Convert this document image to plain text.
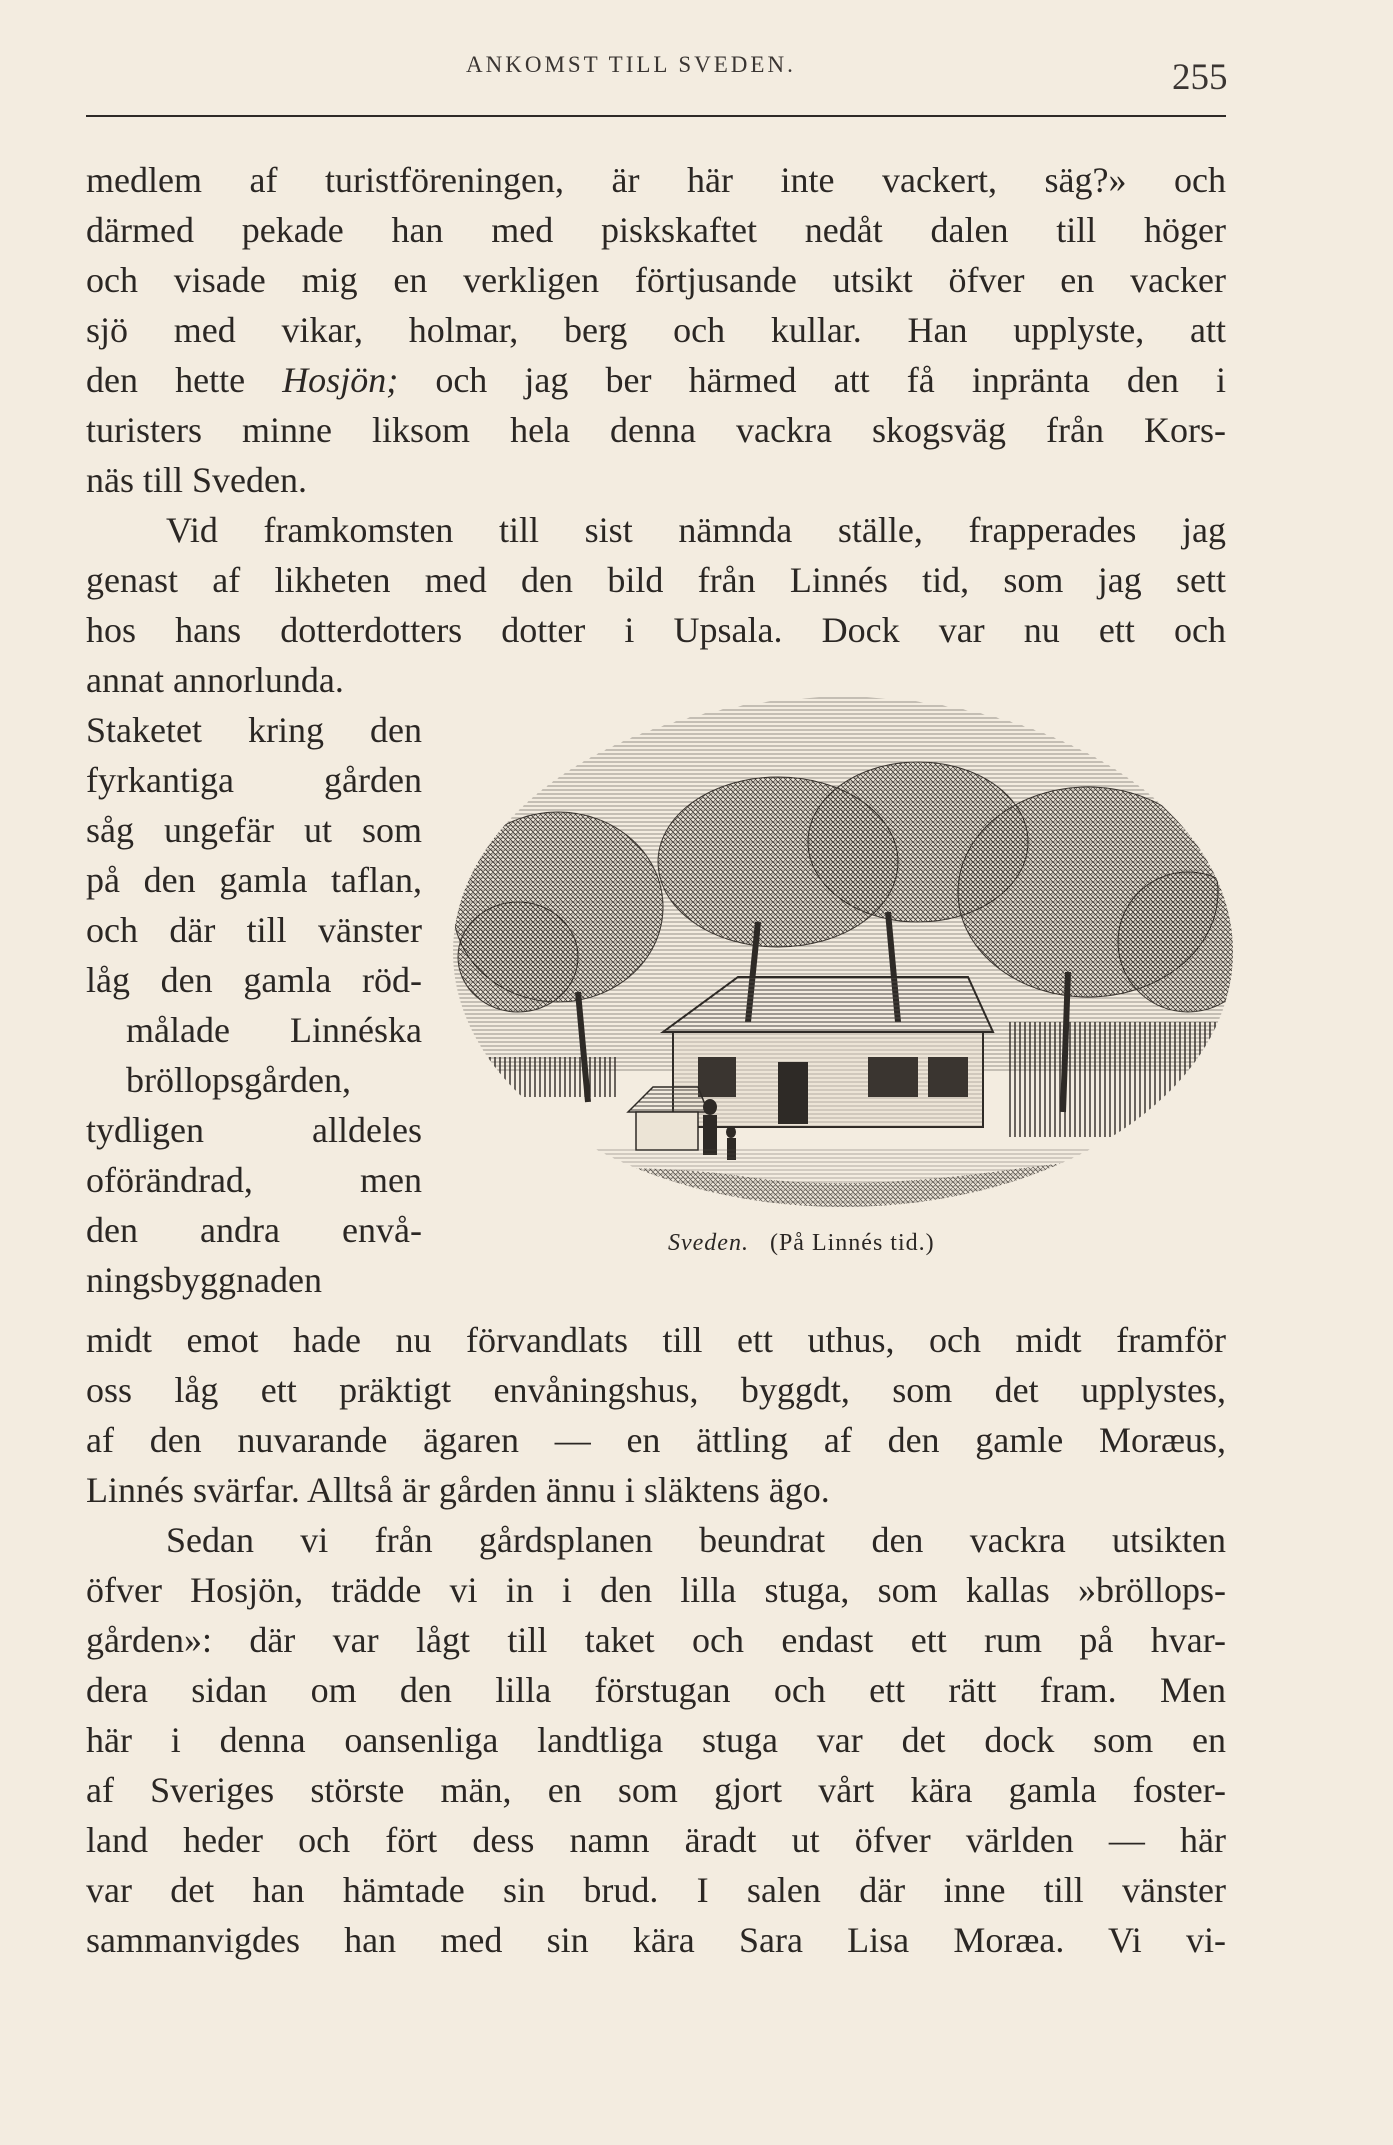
ANKOMST TILL SVEDEN.	255
medlem af turistföreningen, är här inte vackert, säg?» och
därmed pekade han med piskskaftet nedåt dalen till höger
och visade mig en verkligen förtjusande utsikt öfver en vacker
sjö med vikar, holmar, berg och kullar. Han upplyste, att
den hette Hosjön; och jag ber härmed att få inpränta den i
turisters minne liksom hela denna vackra skogsväg från Kors-
näs till Sveden.
Vid framkomsten till sist nämnda ställe, frapperades jag
genast af likheten med den bild från Linnés tid, som jag sett
hos hans dotterdotters dotter i Upsala. Dock var nu ett och
annat annorlunda.
Staketet kring den
fyrkantiga gården
såg ungefär ut som
på den gamla taflan,
och där till vänster
låg den gamla röd-
målade Linnéska
bröllopsgården,
tydligen alldeles
oförändrad, men
den andra envå-
ningsbyggnaden
midt emot hade nu förvandlats till ett uthus, och midt framför
oss låg ett präktigt envåningshus, byggdt, som det upplystes,
af den nuvarande ägaren — en ättling af den gamle Moræus,
Linnés svärfar. Alltså är gården ännu i släktens ägo.
Sedan vi från gårdsplanen beundrat den vackra utsikten
öfver Hosjön, trädde vi in i den lilla stuga, som kallas »bröllops-
gården»: där var lågt till taket och endast ett rum på hvar-
dera sidan om den lilla förstugan och ett rätt fram. Men
här i denna oansenliga landtliga stuga var det dock som en
af Sveriges störste män, en som gjort vårt kära gamla foster-
land heder och fört dess namn äradt ut öfver världen — här
var det han hämtade sin brud. I salen där inne till vänster
sammanvigdes han med sin kära Sara Lisa Moræa. Vi vi-
Sveden. (På Linnés tid.)
